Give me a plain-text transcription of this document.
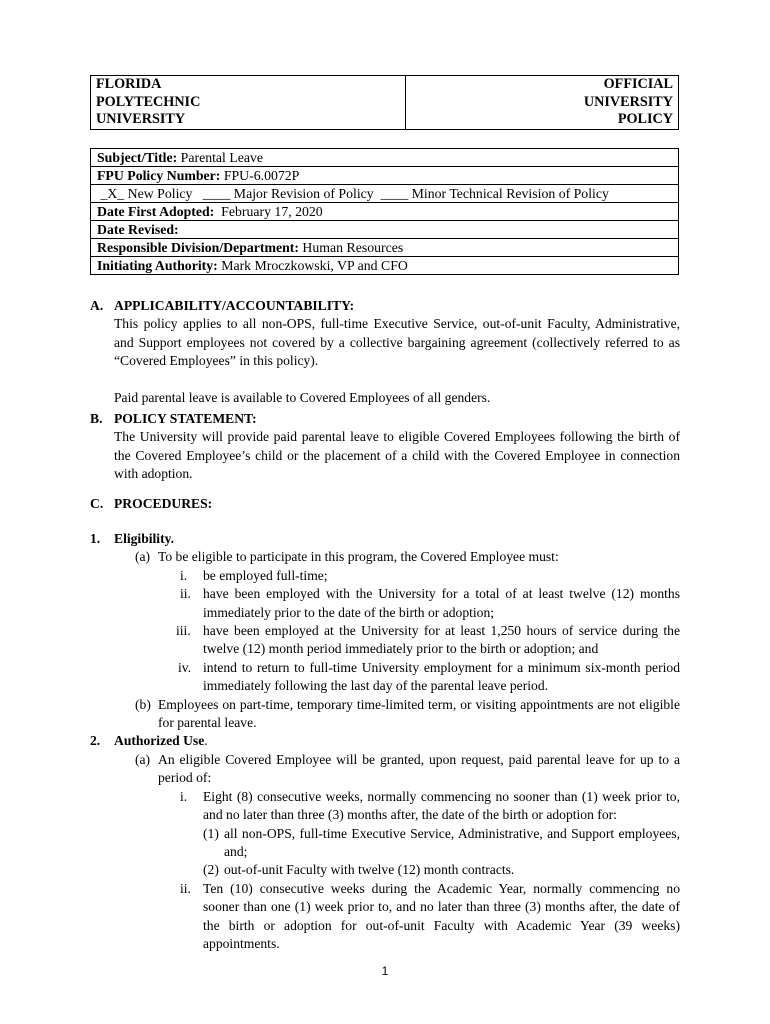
FLORIDA
POLYTECHNIC
UNIVERSITY

OFFICIAL
UNIVERSITY
POLICY
Subject/Title: Parental Leave
FPU Policy Number: FPU-6.0072P
_X_ New Policy   ____ Major Revision of Policy  ____ Minor Technical Revision of Policy
Date First Adopted:  February 17, 2020
Date Revised:
Responsible Division/Department: Human Resources
Initiating Authority: Mark Mroczkowski, VP and CFO
A. APPLICABILITY/ACCOUNTABILITY:

This policy applies to all non-OPS, full-time Executive Service, out-of-unit Faculty, Administrative, and Support employees not covered by a collective bargaining agreement (collectively referred to as “Covered Employees” in this policy).

Paid parental leave is available to Covered Employees of all genders.

B. POLICY STATEMENT:

The University will provide paid parental leave to eligible Covered Employees following the birth of the Covered Employee’s child or the placement of a child with the Covered Employee in connection with adoption.

C. PROCEDURES:
1. Eligibility.
(a) To be eligible to participate in this program, the Covered Employee must:
i. be employed full-time;
ii. have been employed with the University for a total of at least twelve (12) months immediately prior to the date of the birth or adoption;
iii. have been employed at the University for at least 1,250 hours of service during the twelve (12) month period immediately prior to the birth or adoption; and
iv. intend to return to full-time University employment for a minimum six-month period immediately following the last day of the parental leave period.
(b) Employees on part-time, temporary time-limited term, or visiting appointments are not eligible for parental leave.
2. Authorized Use.
(a) An eligible Covered Employee will be granted, upon request, paid parental leave for up to a period of:
i. Eight (8) consecutive weeks, normally commencing no sooner than (1) week prior to, and no later than three (3) months after, the date of the birth or adoption for:
(1) all non-OPS, full-time Executive Service, Administrative, and Support employees, and;
(2) out-of-unit Faculty with twelve (12) month contracts.
ii. Ten (10) consecutive weeks during the Academic Year, normally commencing no sooner than one (1) week prior to, and no later than three (3) months after, the date of the birth or adoption for out-of-unit Faculty with Academic Year (39 weeks) appointments.
1
